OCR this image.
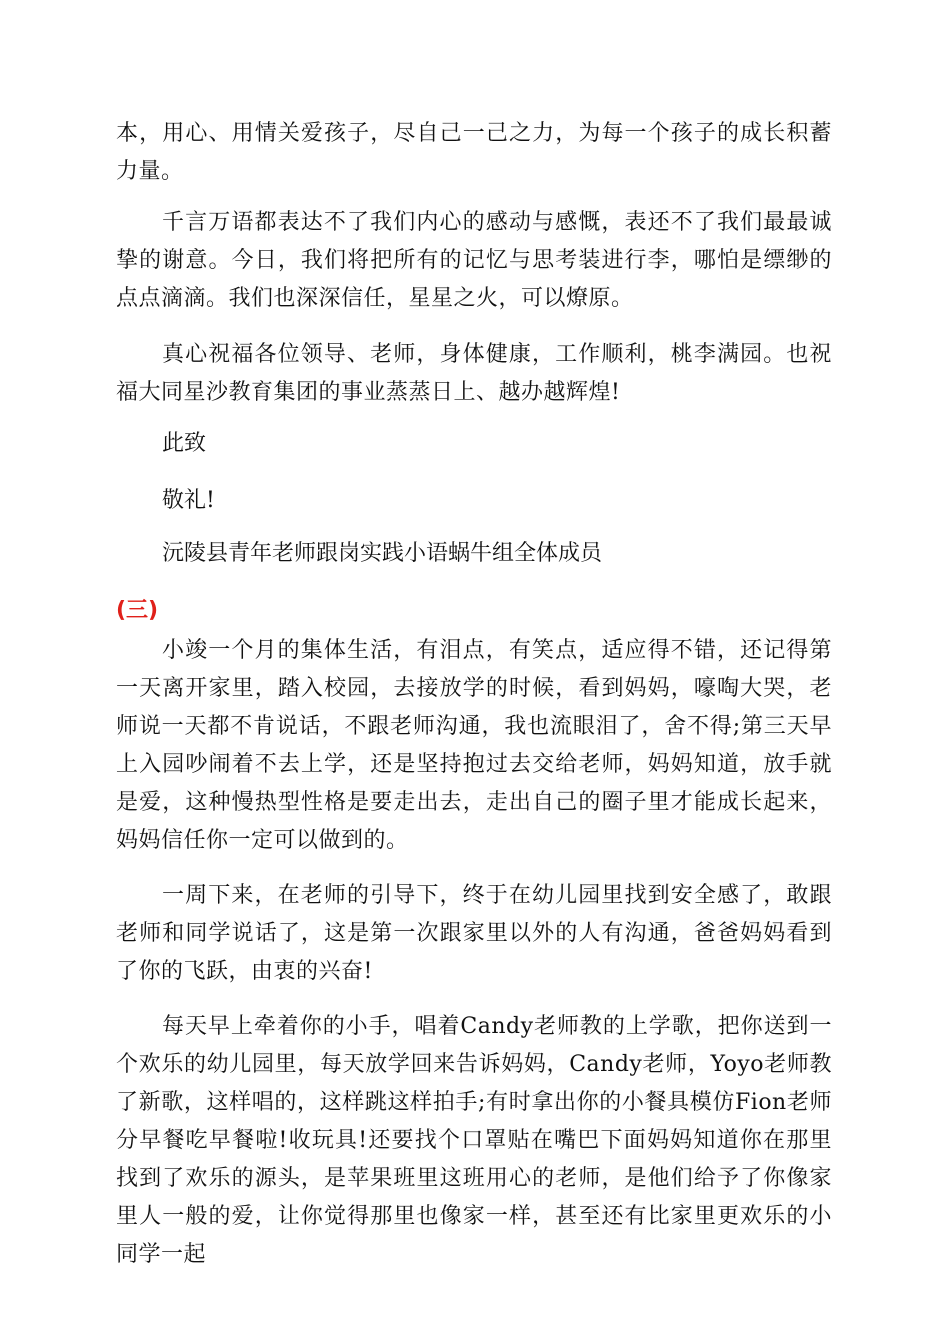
本，用心、用情关爱孩子，尽自己一己之力，为每一个孩子的成长积蓄力量。
千言万语都表达不了我们内心的感动与感慨，表还不了我们最最诚挚的谢意。今日，我们将把所有的记忆与思考装进行李，哪怕是缥缈的点点滴滴。我们也深深信任，星星之火，可以燎原。
真心祝福各位领导、老师，身体健康，工作顺利，桃李满园。也祝福大同星沙教育集团的事业蒸蒸日上、越办越辉煌!
此致
敬礼!
沅陵县青年老师跟岗实践小语蜗牛组全体成员
(三)
小竣一个月的集体生活，有泪点，有笑点，适应得不错，还记得第一天离开家里，踏入校园，去接放学的时候，看到妈妈，嚎啕大哭，老师说一天都不肯说话，不跟老师沟通，我也流眼泪了，舍不得;第三天早上入园吵闹着不去上学，还是坚持抱过去交给老师，妈妈知道，放手就是爱，这种慢热型性格是要走出去，走出自己的圈子里才能成长起来，妈妈信任你一定可以做到的。
一周下来，在老师的引导下，终于在幼儿园里找到安全感了，敢跟老师和同学说话了，这是第一次跟家里以外的人有沟通，爸爸妈妈看到了你的飞跃，由衷的兴奋!
每天早上牵着你的小手，唱着Candy老师教的上学歌，把你送到一个欢乐的幼儿园里，每天放学回来告诉妈妈，Candy老师，Yoyo老师教了新歌，这样唱的，这样跳这样拍手;有时拿出你的小餐具模仿Fion老师分早餐吃早餐啦!收玩具!还要找个口罩贴在嘴巴下面妈妈知道你在那里找到了欢乐的源头，是苹果班里这班用心的老师，是他们给予了你像家里人一般的爱，让你觉得那里也像家一样，甚至还有比家里更欢乐的小同学一起
